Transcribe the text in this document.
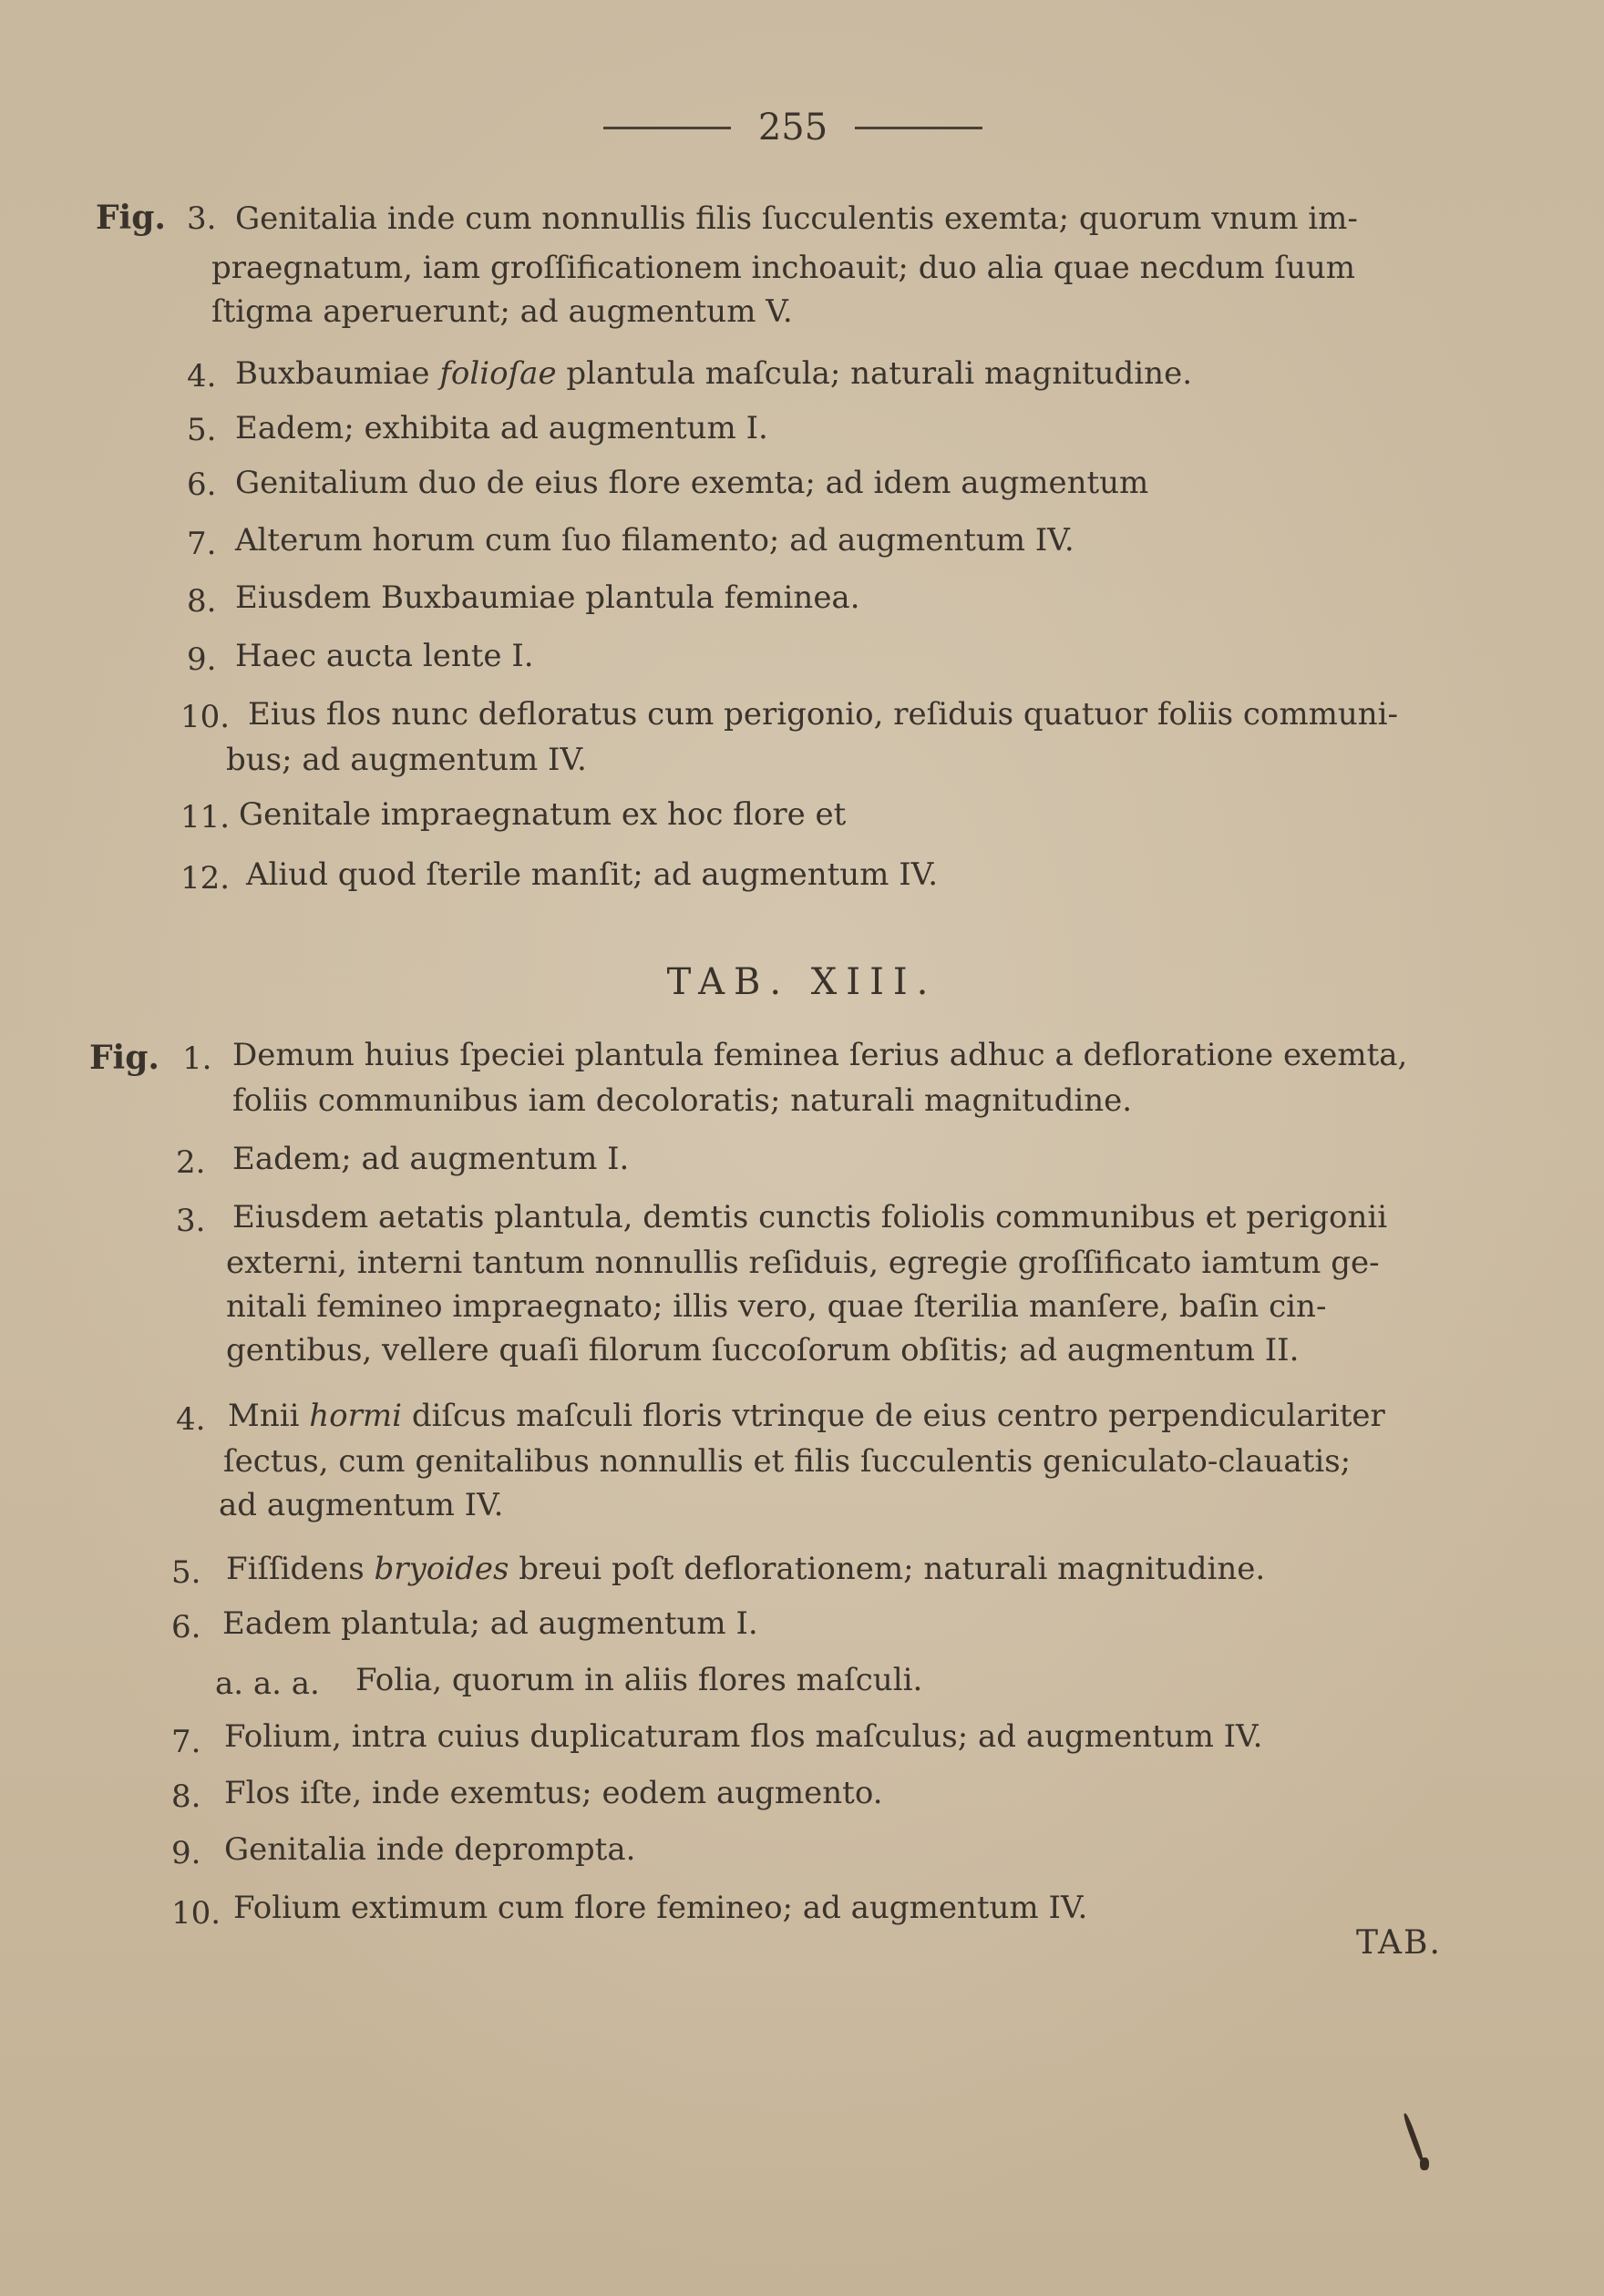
255
Fig. 3. Genitalia inde cum nonnullis filis ſucculentis exemta; quorum vnum im-
praegnatum, iam groſſificationem inchoauit; duo alia quae necdum ſuum
ſtigma aperuerunt; ad augmentum V.
4. Buxbaumiae folioſae plantula maſcula; naturali magnitudine.
5. Eadem; exhibita ad augmentum I.
6. Genitalium duo de eius flore exemta; ad idem augmentum
7. Alterum horum cum ſuo filamento; ad augmentum IV.
8. Eiusdem Buxbaumiae plantula feminea.
9. Haec aucta lente I.
10. Eius flos nunc defloratus cum perigonio, reſiduis quatuor foliis communi-
bus; ad augmentum IV.
11. Genitale impraegnatum ex hoc flore et
12. Aliud quod ſterile manſit; ad augmentum IV.
TAB. XIII.
Fig. 1. Demum huius ſpeciei plantula feminea ſerius adhuc a defloratione exemta,
foliis communibus iam decoloratis; naturali magnitudine.
2. Eadem; ad augmentum I.
3. Eiusdem aetatis plantula, demtis cunctis foliolis communibus et perigonii
externi, interni tantum nonnullis reſiduis, egregie groſſificato iamtum ge-
nitali femineo impraegnato; illis vero, quae ſterilia manſere, baſin cin-
gentibus, vellere quaſi filorum ſuccoſorum obſitis; ad augmentum II.
4. Mnii hormi diſcus maſculi floris vtrinque de eius centro perpendiculariter
ſectus, cum genitalibus nonnullis et filis ſucculentis geniculato-clauatis;
ad augmentum IV.
5. Fiſſidens bryoides breui poſt deflorationem; naturali magnitudine.
6. Eadem plantula; ad augmentum I.
a. a. a. Folia, quorum in aliis flores maſculi.
7. Folium, intra cuius duplicaturam flos maſculus; ad augmentum IV.
8. Flos iſte, inde exemtus; eodem augmento.
9. Genitalia inde deprompta.
10. Folium extimum cum flore femineo; ad augmentum IV.
TAB.
